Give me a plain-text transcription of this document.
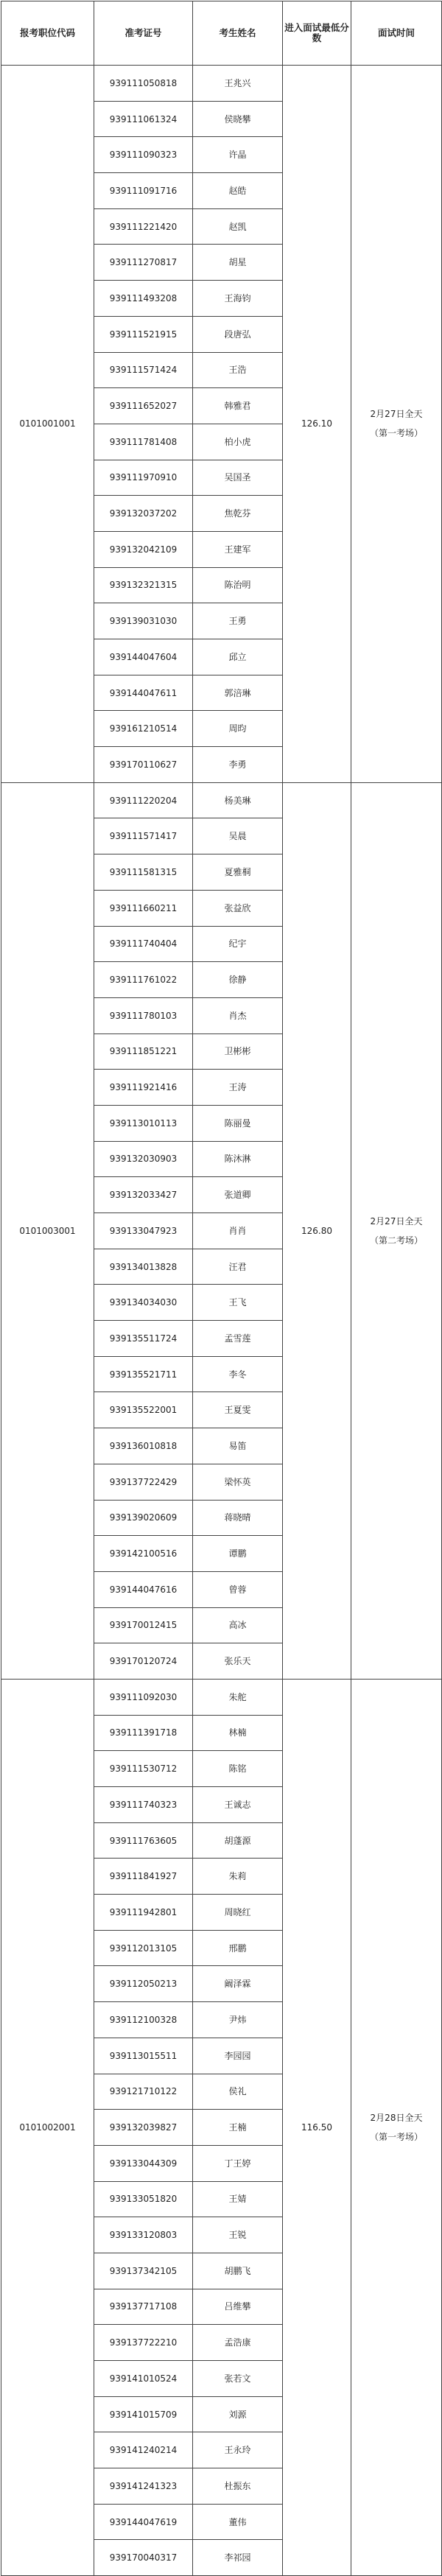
报考职位代码	准考证号	考生姓名	进入面试最低分数	面试时间
0101001001	939111050818	王兆兴	126.10	2月27日全天
（第一考场）

	939111061324	侯晓攀		
	939111090323	许晶		
	939111091716	赵皓		
	939111221420	赵凯		
	939111270817	胡星		
	939111493208	王海钧		
	939111521915	段唐弘		
	939111571424	王浩		
	939111652027	韩雅君		
	939111781408	柏小虎		
	939111970910	吴国圣		
	939132037202	焦乾芬		
	939132042109	王建军		
	939132321315	陈治明		
	939139031030	王勇		
	939144047604	邱立		
	939144047611	郭涪琳		
	939161210514	周昀		
	939170110627	李勇		
0101003001	939111220204	杨美琳	126.80	2月27日全天
（第二考场）

	939111571417	吴晨		
	939111581315	夏雅桐		
	939111660211	张益欣		
	939111740404	纪宇		
	939111761022	徐静		
	939111780103	肖杰		
	939111851221	卫彬彬		
	939111921416	王涛		
	939113010113	陈丽曼		
	939132030903	陈沐淋		
	939132033427	张道卿		
	939133047923	肖肖		
	939134013828	汪君		
	939134034030	王飞		
	939135511724	孟雪莲		
	939135521711	李冬		
	939135522001	王夏雯		
	939136010818	易笛		
	939137722429	梁怀英		
	939139020609	蒋晓晴		
	939142100516	谭鹏		
	939144047616	曾蓉		
	939170012415	高冰		
	939170120724	张乐天		
0101002001	939111092030	朱舵	116.50	2月28日全天
（第一考场）

	939111391718	林楠		
	939111530712	陈铭		
	939111740323	王诚志		
	939111763605	胡蓬源		
	939111841927	朱莉		
	939111942801	周晓红		
	939112013105	邢鹏		
	939112050213	阚泽霖		
	939112100328	尹炜		
	939113015511	李园园		
	939121710122	侯礼		
	939132039827	王楠		
	939133044309	丁王婷		
	939133051820	王婧		
	939133120803	王锐		
	939137342105	胡鹏飞		
	939137717108	吕维攀		
	939137722210	孟浩康		
	939141010524	张若文		
	939141015709	刘源		
	939141240214	王永玲		
	939141241323	杜振东		
	939144047619	董伟		
	939170040317	李祁园		
